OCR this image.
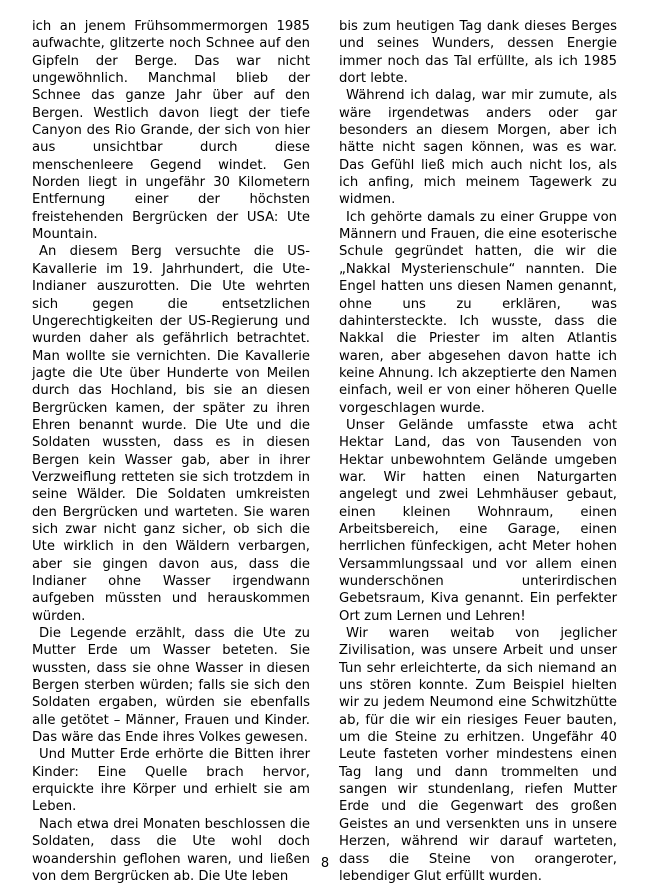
ich an jenem Frühsommermorgen 1985 aufwachte, glitzerte noch Schnee auf den Gipfeln der Berge. Das war nicht ungewöhnlich. Manchmal blieb der Schnee das ganze Jahr über auf den Bergen. Westlich davon liegt der tiefe Canyon des Rio Grande, der sich von hier aus unsichtbar durch diese menschenleere Gegend windet. Gen Norden liegt in ungefähr 30 Kilometern Entfernung einer der höchsten freistehenden Bergrücken der USA: Ute Mountain.

An diesem Berg versuchte die US-Kavallerie im 19. Jahrhundert, die Ute-Indianer auszurotten. Die Ute wehrten sich gegen die entsetzlichen Ungerechtigkeiten der US-Regierung und wurden daher als gefährlich betrachtet. Man wollte sie vernichten. Die Kavallerie jagte die Ute über Hunderte von Meilen durch das Hochland, bis sie an diesen Bergrücken kamen, der später zu ihren Ehren benannt wurde. Die Ute und die Soldaten wussten, dass es in diesen Bergen kein Wasser gab, aber in ihrer Verzweiflung retteten sie sich trotzdem in seine Wälder. Die Soldaten umkreisten den Bergrücken und warteten. Sie waren sich zwar nicht ganz sicher, ob sich die Ute wirklich in den Wäldern verbargen, aber sie gingen davon aus, dass die Indianer ohne Wasser irgendwann aufgeben müssten und herauskommen würden.

Die Legende erzählt, dass die Ute zu Mutter Erde um Wasser beteten. Sie wussten, dass sie ohne Wasser in diesen Bergen sterben würden; falls sie sich den Soldaten ergaben, würden sie ebenfalls alle getötet – Männer, Frauen und Kinder. Das wäre das Ende ihres Volkes gewesen.

Und Mutter Erde erhörte die Bitten ihrer Kinder: Eine Quelle brach hervor, erquickte ihre Körper und erhielt sie am Leben.

Nach etwa drei Monaten beschlossen die Soldaten, dass die Ute wohl doch woandershin geflohen waren, und ließen von dem Bergrücken ab. Die Ute leben

bis zum heutigen Tag dank dieses Berges und seines Wunders, dessen Energie immer noch das Tal erfüllte, als ich 1985 dort lebte.

Während ich dalag, war mir zumute, als wäre irgendetwas anders oder gar besonders an diesem Morgen, aber ich hätte nicht sagen können, was es war. Das Gefühl ließ mich auch nicht los, als ich anfing, mich meinem Tagewerk zu widmen.

Ich gehörte damals zu einer Gruppe von Männern und Frauen, die eine esoterische Schule gegründet hatten, die wir die „Nakkal Mysterienschule“ nannten. Die Engel hatten uns diesen Namen genannt, ohne uns zu erklären, was dahintersteckte. Ich wusste, dass die Nakkal die Priester im alten Atlantis waren, aber abgesehen davon hatte ich keine Ahnung. Ich akzeptierte den Namen einfach, weil er von einer höheren Quelle vorgeschlagen wurde.

Unser Gelände umfasste etwa acht Hektar Land, das von Tausenden von Hektar unbewohntem Gelände umgeben war. Wir hatten einen Naturgarten angelegt und zwei Lehmhäuser gebaut, einen kleinen Wohnraum, einen Arbeitsbereich, eine Garage, einen herrlichen fünfeckigen, acht Meter hohen Versammlungssaal und vor allem einen wunderschönen unterirdischen Gebetsraum, Kiva genannt. Ein perfekter Ort zum Lernen und Lehren!

Wir waren weitab von jeglicher Zivilisation, was unsere Arbeit und unser Tun sehr erleichterte, da sich niemand an uns stören konnte. Zum Beispiel hielten wir zu jedem Neumond eine Schwitzhütte ab, für die wir ein riesiges Feuer bauten, um die Steine zu erhitzen. Ungefähr 40 Leute fasteten vorher mindestens einen Tag lang und dann trommelten und sangen wir stundenlang, riefen Mutter Erde und die Gegenwart des großen Geistes an und versenkten uns in unsere Herzen, während wir darauf warteten, dass die Steine von orangeroter, lebendiger Glut erfüllt wurden.

8
